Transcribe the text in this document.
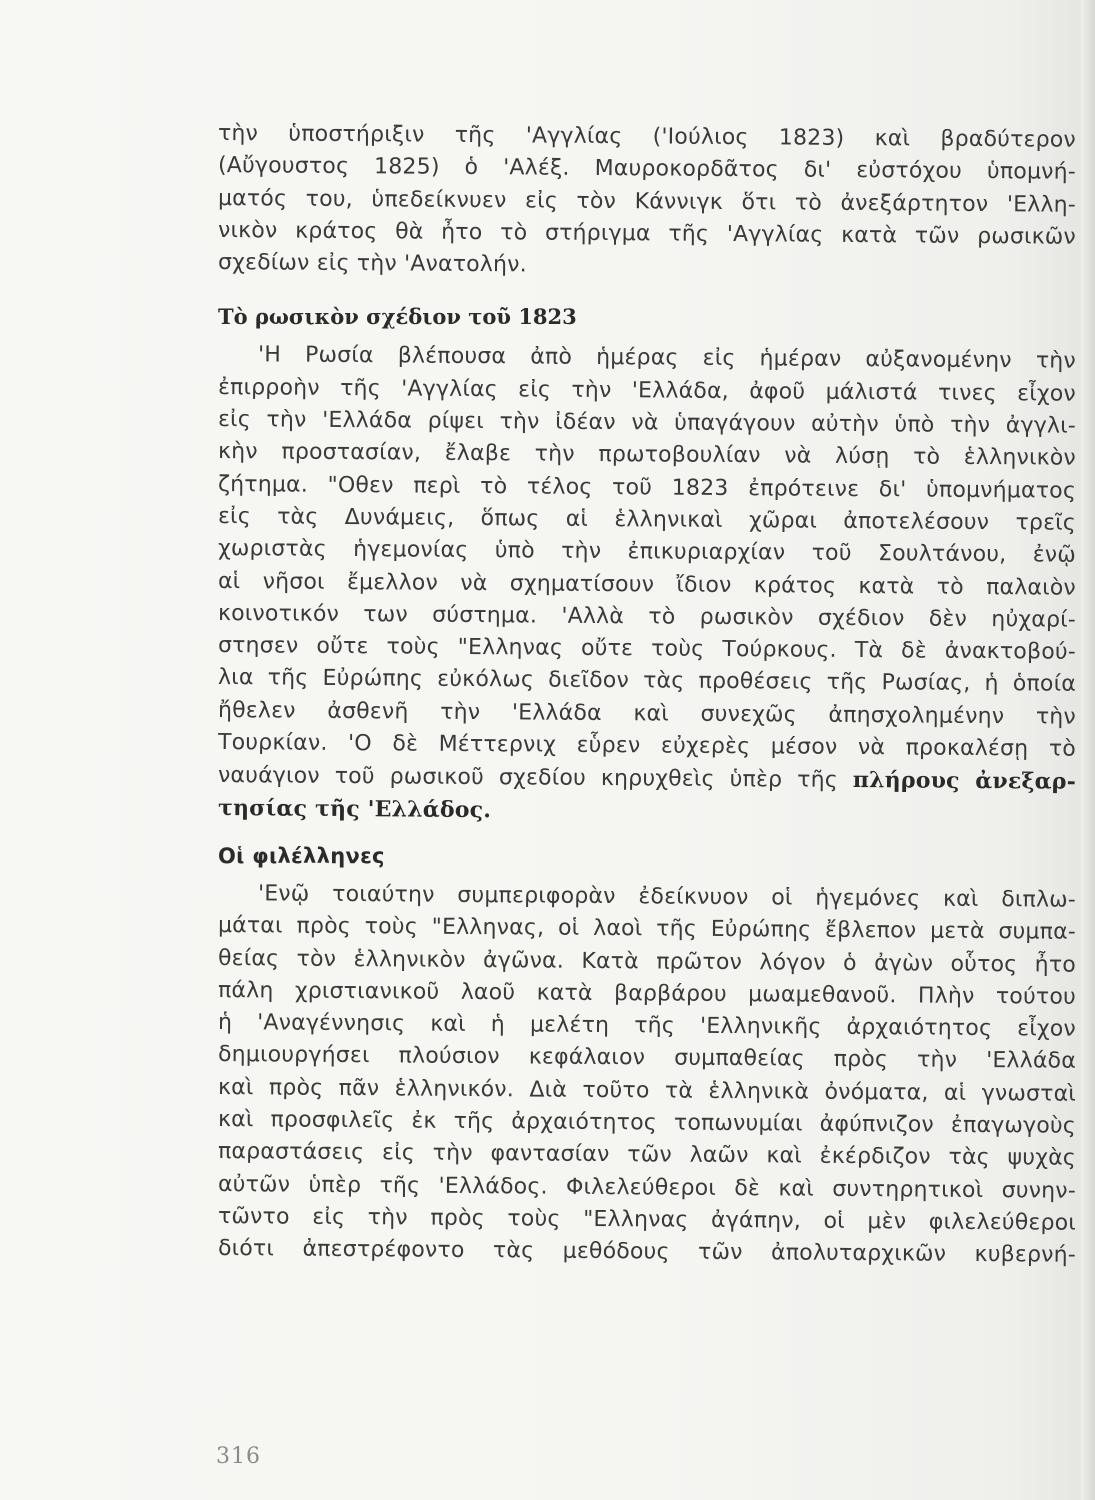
τὴν ὑποστήριξιν τῆς 'Αγγλίας ('Ιούλιος 1823) καὶ βραδύτερον
(Αὔγουστος 1825) ὁ 'Αλέξ. Μαυροκορδᾶτος δι' εὐστόχου ὑπομνή-
ματός του, ὑπεδείκνυεν εἰς τὸν Κάννιγκ ὅτι τὸ ἀνεξάρτητον 'Ελλη-
νικὸν κράτος θὰ ἦτο τὸ στήριγμα τῆς 'Αγγλίας κατὰ τῶν ρωσικῶν
σχεδίων εἰς τὴν 'Ανατολήν.
Τὸ ρωσικὸν σχέδιον τοῦ 1823
'Η Ρωσία βλέπουσα ἀπὸ ἡμέρας εἰς ἡμέραν αὐξανομένην τὴν
ἐπιρροὴν τῆς 'Αγγλίας εἰς τὴν 'Ελλάδα, ἀφοῦ μάλιστά τινες εἶχον
εἰς τὴν 'Ελλάδα ρίψει τὴν ἰδέαν νὰ ὑπαγάγουν αὐτὴν ὑπὸ τὴν ἀγγλι-
κὴν προστασίαν, ἔλαβε τὴν πρωτοβουλίαν νὰ λύσῃ τὸ ἑλληνικὸν
ζήτημα. "Οθεν περὶ τὸ τέλος τοῦ 1823 ἐπρότεινε δι' ὑπομνήματος
εἰς τὰς Δυνάμεις, ὅπως αἱ ἑλληνικαὶ χῶραι ἀποτελέσουν τρεῖς
χωριστὰς ἡγεμονίας ὑπὸ τὴν ἐπικυριαρχίαν τοῦ Σουλτάνου, ἐνῷ
αἱ νῆσοι ἔμελλον νὰ σχηματίσουν ἴδιον κράτος κατὰ τὸ παλαιὸν
κοινοτικόν των σύστημα. 'Αλλὰ τὸ ρωσικὸν σχέδιον δὲν ηὐχαρί-
στησεν οὔτε τοὺς "Ελληνας οὔτε τοὺς Τούρκους. Τὰ δὲ ἀνακτοβού-
λια τῆς Εὐρώπης εὐκόλως διεῖδον τὰς προθέσεις τῆς Ρωσίας, ἡ ὁποία
ἤθελεν ἀσθενῆ τὴν 'Ελλάδα καὶ συνεχῶς ἀπησχολημένην τὴν
Τουρκίαν. 'Ο δὲ Μέττερνιχ εὗρεν εὐχερὲς μέσον νὰ προκαλέσῃ τὸ
ναυάγιον τοῦ ρωσικοῦ σχεδίου κηρυχθεὶς ὑπὲρ τῆς πλήρους ἀνεξαρ-
τησίας τῆς 'Ελλάδος.
Οἱ φιλέλληνες
'Ενῷ τοιαύτην συμπεριφορὰν ἐδείκνυον οἱ ἡγεμόνες καὶ διπλω-
μάται πρὸς τοὺς "Ελληνας, οἱ λαοὶ τῆς Εὐρώπης ἔβλεπον μετὰ συμπα-
θείας τὸν ἑλληνικὸν ἀγῶνα. Κατὰ πρῶτον λόγον ὁ ἀγὼν οὗτος ἦτο
πάλη χριστιανικοῦ λαοῦ κατὰ βαρβάρου μωαμεθανοῦ. Πλὴν τούτου
ἡ 'Αναγέννησις καὶ ἡ μελέτη τῆς 'Ελληνικῆς ἀρχαιότητος εἶχον
δημιουργήσει πλούσιον κεφάλαιον συμπαθείας πρὸς τὴν 'Ελλάδα
καὶ πρὸς πᾶν ἑλληνικόν. Διὰ τοῦτο τὰ ἑλληνικὰ ὀνόματα, αἱ γνωσταὶ
καὶ προσφιλεῖς ἐκ τῆς ἀρχαιότητος τοπωνυμίαι ἀφύπνιζον ἐπαγωγοὺς
παραστάσεις εἰς τὴν φαντασίαν τῶν λαῶν καὶ ἐκέρδιζον τὰς ψυχὰς
αὐτῶν ὑπὲρ τῆς 'Ελλάδος. Φιλελεύθεροι δὲ καὶ συντηρητικοὶ συνην-
τῶντο εἰς τὴν πρὸς τοὺς "Ελληνας ἀγάπην, οἱ μὲν φιλελεύθεροι
διότι ἀπεστρέφοντο τὰς μεθόδους τῶν ἀπολυταρχικῶν κυβερνή-
316
